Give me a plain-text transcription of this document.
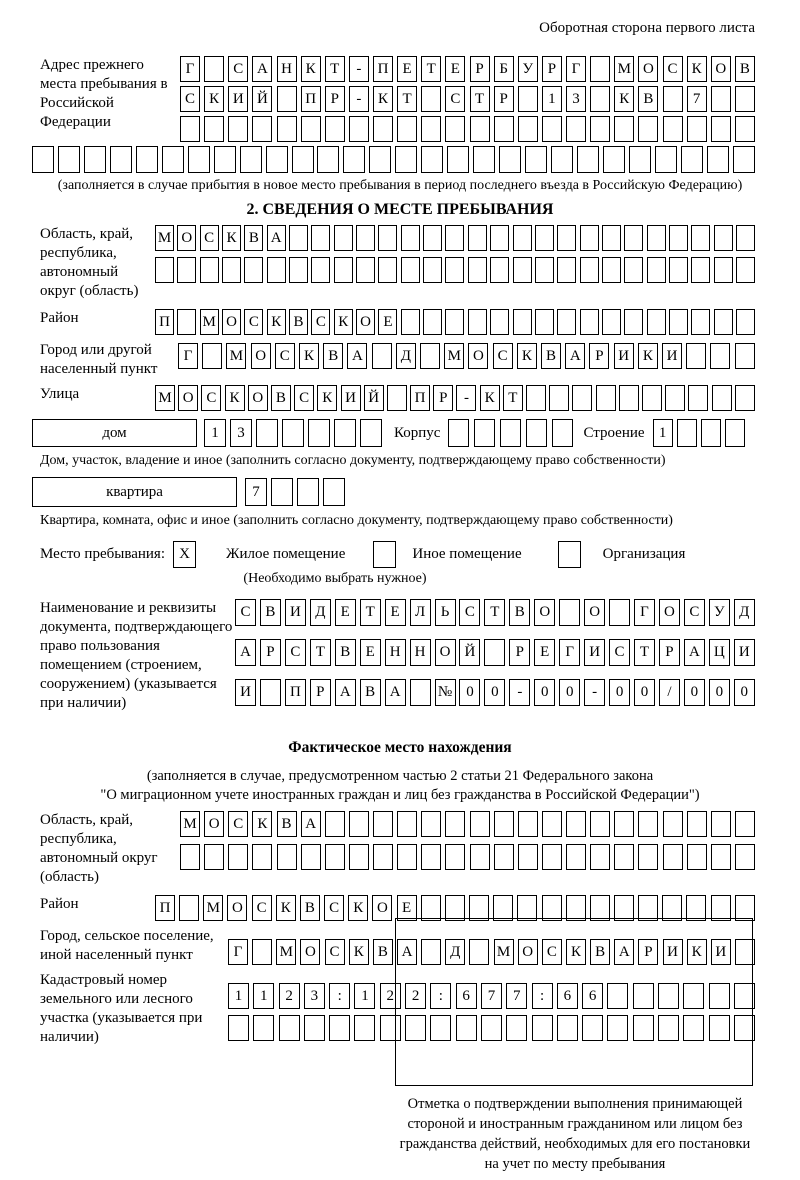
Оборотная сторона первого листа
Адрес прежнего места пребывания в Российской Федерации
Г	С А Н К Т	-	П Е Т Е	Р	Б У Р	Г	М О С К О В
С К И Й	П Р	-	К Т	С Т	Р	1	3	К В	7
(заполняется в случае прибытия в новое место пребывания в период последнего въезда в Российскую Федерацию)
2. СВЕДЕНИЯ О МЕСТЕ ПРЕБЫВАНИЯ
Область, край, республика, автономный округ (область)
М О С К В А
Район	П М О С К В С К О Е
Город или другой населенный пункт
Г	М О С К В А	Д	М О С К В А Р И К И
Улица	М О С К О В С К И Й	П Р	-	К Т
дом	1	3	Корпус	Строение 1
Дом, участок, владение и иное (заполнить согласно документу, подтверждающему право собственности)
квартира	7
Квартира, комната, офис и иное (заполнить согласно документу, подтверждающему право собственности)
Место пребывания: X	Жилое помещение	Иное помещение	Организация
(Необходимо выбрать нужное)
Наименование и реквизиты документа, подтверждающего право пользования помещением (строением, сооружением) (указывается при наличии)
С В И Д	Е	Т	Е	Л	Ь	С	Т	В О	О	Г	О С У Д
А	Р	С	Т	В	Е Н Н О Й	Р	Е	Г	И С	Т	Р	А Ц И
И	П	Р	А В А	№ 0	0	-	0	0	-	0	0	/	0	0	0
Фактическое место нахождения
(заполняется в случае, предусмотренном частью 2 статьи 21 Федерального закона
"О миграционном учете иностранных граждан и лиц без гражданства в Российской Федерации")
Область, край, республика, автономный округ (область)
М О С К В А
Район	П	М О С К В С К О Е
Город, сельское поселение, иной населенный пункт	Г	М О С К В А	Д	М О С К В А Р И К И
Кадастровый номер земельного или лесного участка (указывается при наличии)
1	1	2	3	:	1	2	2	:	6	7	7	:	6	6
Отметка о подтверждении выполнения принимающей
стороной и иностранным гражданином или лицом без
гражданства действий, необходимых для его постановки
на учет по месту пребывания
